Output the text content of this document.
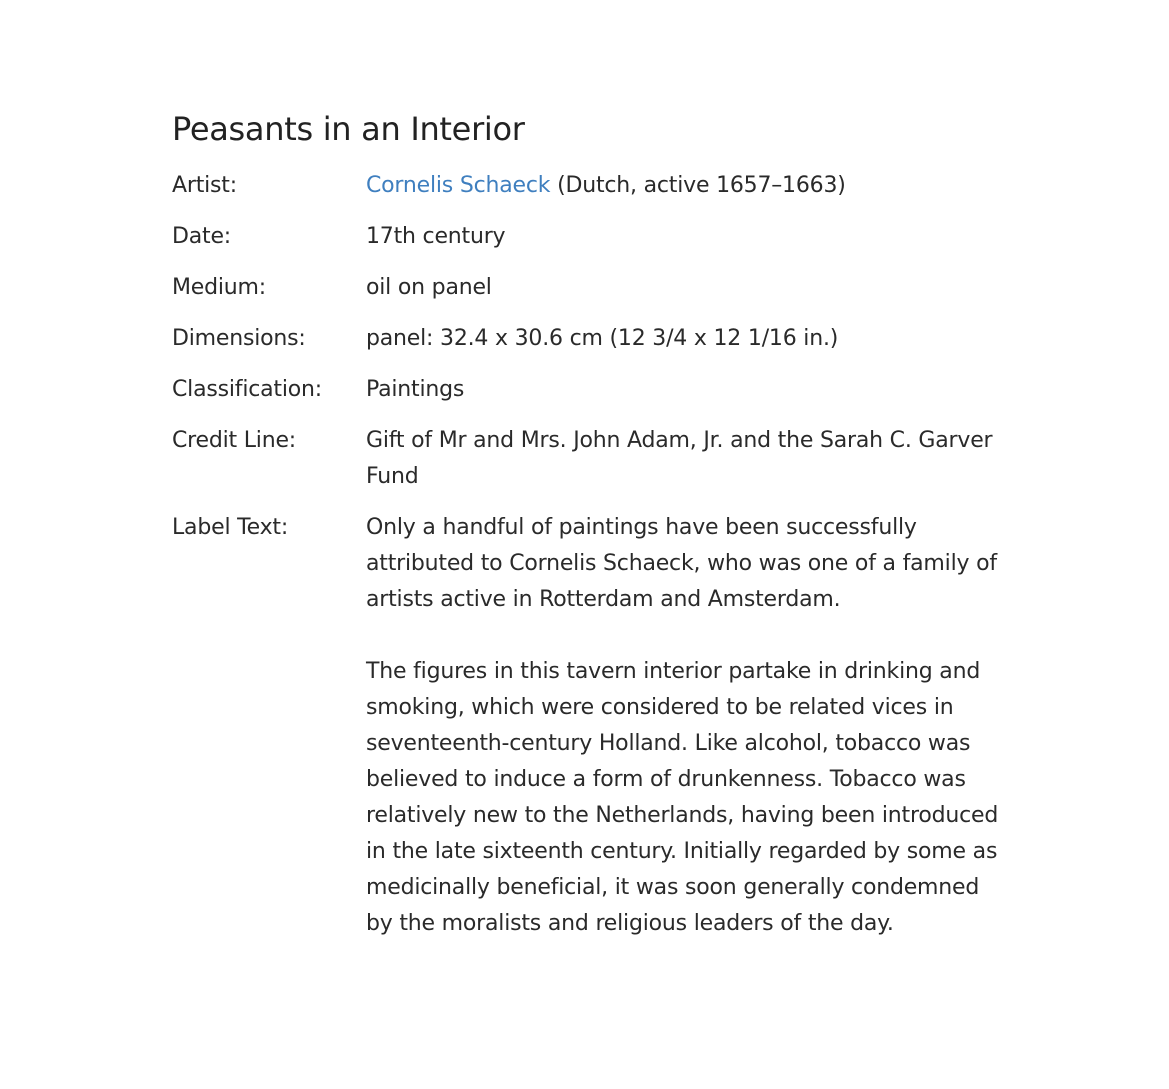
Peasants in an Interior
Artist:	Cornelis Schaeck (Dutch, active 1657–1663)
Date:	17th century
Medium:	oil on panel
Dimensions:	panel: 32.4 x 30.6 cm (12 3/4 x 12 1/16 in.)
Classification:	Paintings
Credit Line:	Gift of Mr and Mrs. John Adam, Jr. and the Sarah C. Garver Fund
Label Text:	Only a handful of paintings have been successfully attributed to Cornelis Schaeck, who was one of a family of artists active in Rotterdam and Amsterdam.

The figures in this tavern interior partake in drinking and smoking, which were considered to be related vices in seventeenth-century Holland. Like alcohol, tobacco was believed to induce a form of drunkenness. Tobacco was relatively new to the Netherlands, having been introduced in the late sixteenth century. Initially regarded by some as medicinally beneficial, it was soon generally condemned by the moralists and religious leaders of the day.
